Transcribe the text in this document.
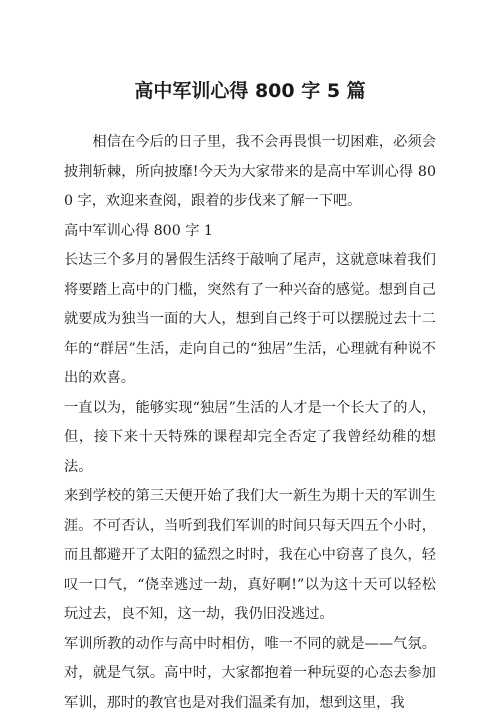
高中军训心得 800 字 5 篇

相信在今后的日子里，我不会再畏惧一切困难，必须会披荆斩棘，所向披靡!今天为大家带来的是高中军训心得 800 字，欢迎来查阅，跟着的步伐来了解一下吧。

高中军训心得 800 字 1

长达三个多月的暑假生活终于敲响了尾声，这就意味着我们将要踏上高中的门槛，突然有了一种兴奋的感觉。想到自己就要成为独当一面的大人，想到自己终于可以摆脱过去十二年的“群居”生活，走向自己的“独居”生活，心理就有种说不出的欢喜。

一直以为，能够实现“独居”生活的人才是一个长大了的人，但，接下来十天特殊的课程却完全否定了我曾经幼稚的想法。

来到学校的第三天便开始了我们大一新生为期十天的军训生涯。不可否认，当听到我们军训的时间只每天四五个小时，而且都避开了太阳的猛烈之时时，我在心中窃喜了良久，轻叹一口气，“侥幸逃过一劫，真好啊!”以为这十天可以轻松玩过去，良不知，这一劫，我仍旧没逃过。

军训所教的动作与高中时相仿，唯一不同的就是——气氛。对，就是气氛。高中时，大家都抱着一种玩耍的心态去参加军训，那时的教官也是对我们温柔有加，想到这里，我
